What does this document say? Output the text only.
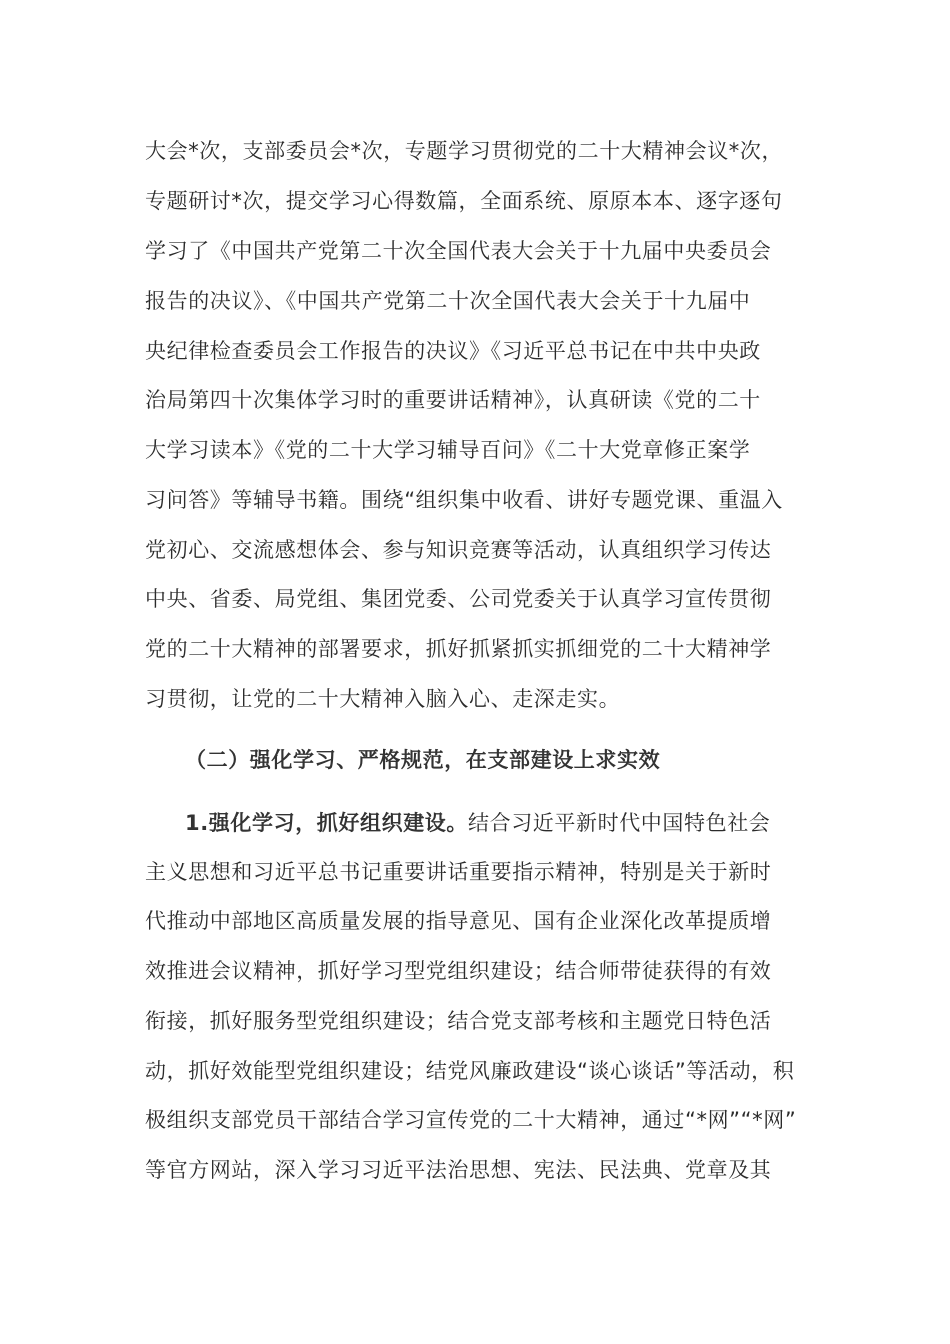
大会*次，支部委员会*次，专题学习贯彻党的二十大精神会议*次，
专题研讨*次，提交学习心得数篇，全面系统、原原本本、逐字逐句
学习了《中国共产党第二十次全国代表大会关于十九届中央委员会
报告的决议》、《中国共产党第二十次全国代表大会关于十九届中
央纪律检查委员会工作报告的决议》《习近平总书记在中共中央政
治局第四十次集体学习时的重要讲话精神》，认真研读《党的二十
大学习读本》《党的二十大学习辅导百问》《二十大党章修正案学
习问答》等辅导书籍。围绕“组织集中收看、讲好专题党课、重温入
党初心、交流感想体会、参与知识竞赛等活动，认真组织学习传达
中央、省委、局党组、集团党委、公司党委关于认真学习宣传贯彻
党的二十大精神的部署要求，抓好抓紧抓实抓细党的二十大精神学
习贯彻，让党的二十大精神入脑入心、走深走实。
（二）强化学习、严格规范，在支部建设上求实效
1.强化学习，抓好组织建设。结合习近平新时代中国特色社会
主义思想和习近平总书记重要讲话重要指示精神，特别是关于新时
代推动中部地区高质量发展的指导意见、国有企业深化改革提质增
效推进会议精神，抓好学习型党组织建设；结合师带徒获得的有效
衔接，抓好服务型党组织建设；结合党支部考核和主题党日特色活
动，抓好效能型党组织建设；结党风廉政建设“谈心谈话”等活动，积
极组织支部党员干部结合学习宣传党的二十大精神，通过“*网”“*网”
等官方网站，深入学习习近平法治思想、宪法、民法典、党章及其
